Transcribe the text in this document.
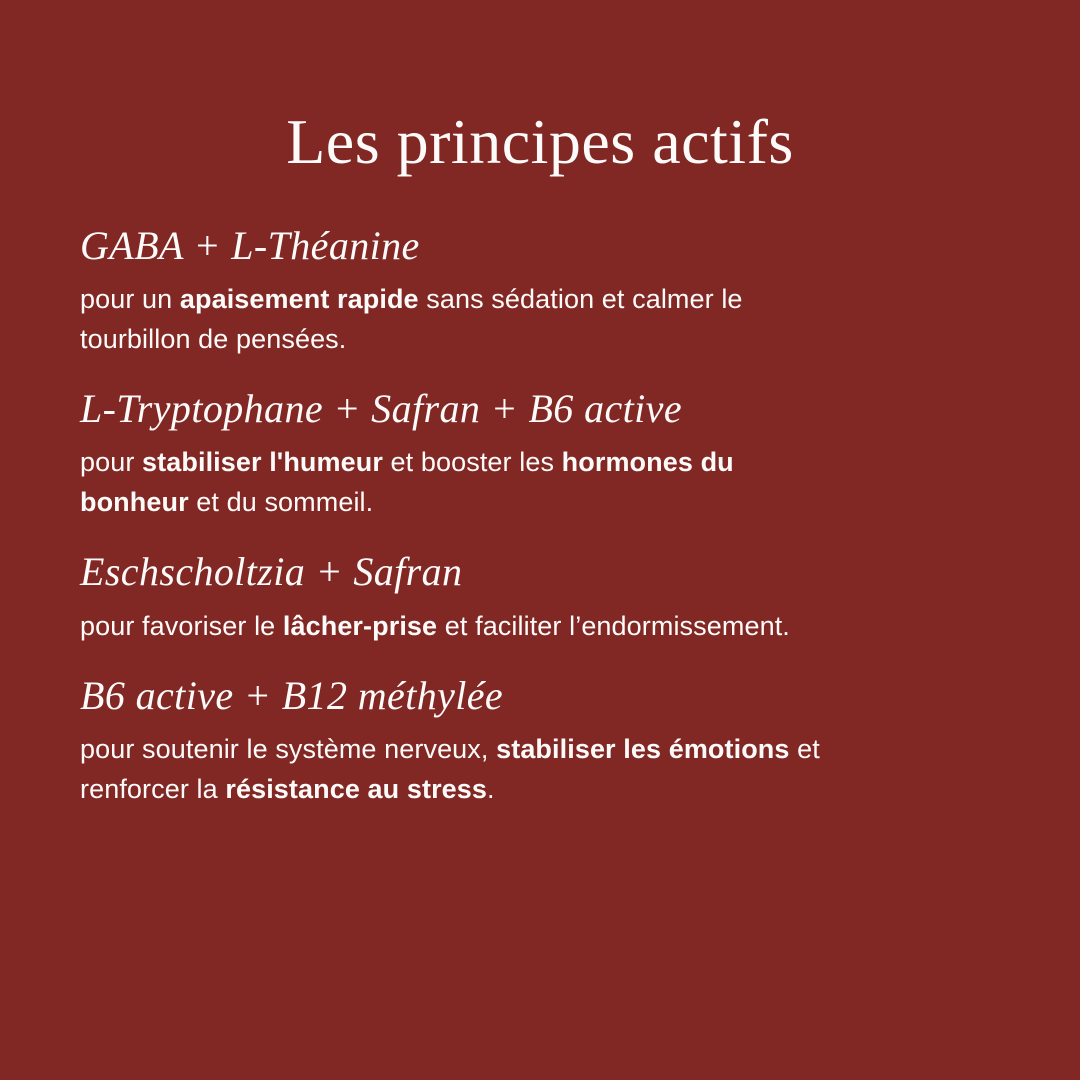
Les principes actifs
GABA + L-Théanine

pour un apaisement rapide sans sédation et calmer le tourbillon de pensées.

L-Tryptophane + Safran + B6 active

pour stabiliser l'humeur et booster les hormones du bonheur et du sommeil.

Eschscholtzia + Safran

pour favoriser le lâcher-prise et faciliter l’endormissement.

B6 active + B12 méthylée

pour soutenir le système nerveux, stabiliser les émotions et renforcer la résistance au stress.
